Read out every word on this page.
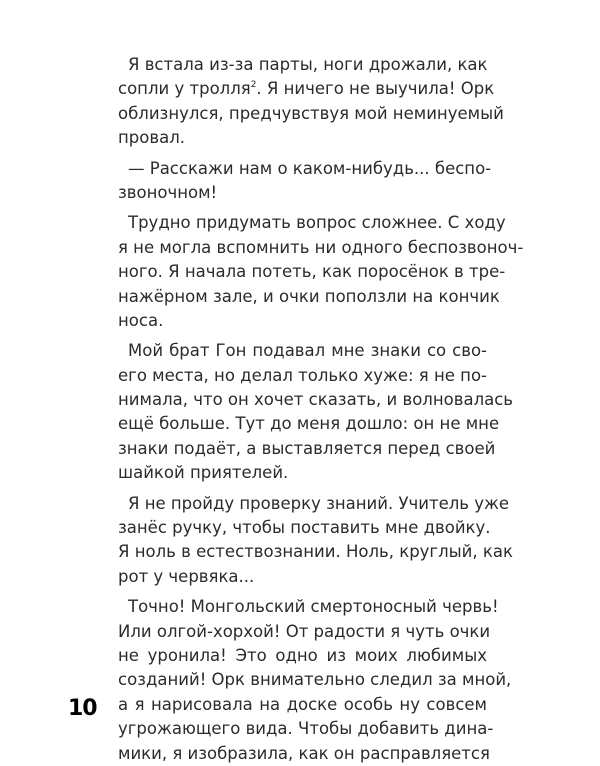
Я встала из-за парты, ноги дрожали, как
сопли у тролля$^2$. Я ничего не выучила! Орк
облизнулся, предчувствуя мой неминуемый
провал.
— Расскажи нам о каком-нибудь... беспо-
звоночном!
Трудно придумать вопрос сложнее. С ходу
я не могла вспомнить ни одного беспозвоноч-
ного. Я начала потеть, как поросёнок в тре-
нажёрном зале, и очки поползли на кончик
носа.
Мой брат Гон подавал мне знаки со сво-
его места, но делал только хуже: я не по-
нимала, что он хочет сказать, и волновалась
ещё больше. Тут до меня дошло: он не мне
знаки подаёт, а выставляется перед своей
шайкой приятелей.
Я не пройду проверку знаний. Учитель уже
занёс ручку, чтобы поставить мне двойку.
Я ноль в естествознании. Ноль, круглый, как
рот у червяка...
Точно! Монгольский смертоносный червь!
Или олгой-хорхой! От радости я чуть очки
не уронила! Это одно из моих любимых
созданий! Орк внимательно следил за мной,
а я нарисовала на доске особь ну совсем
угрожающего вида. Чтобы добавить дина-
мики, я изобразила, как он расправляется
10
